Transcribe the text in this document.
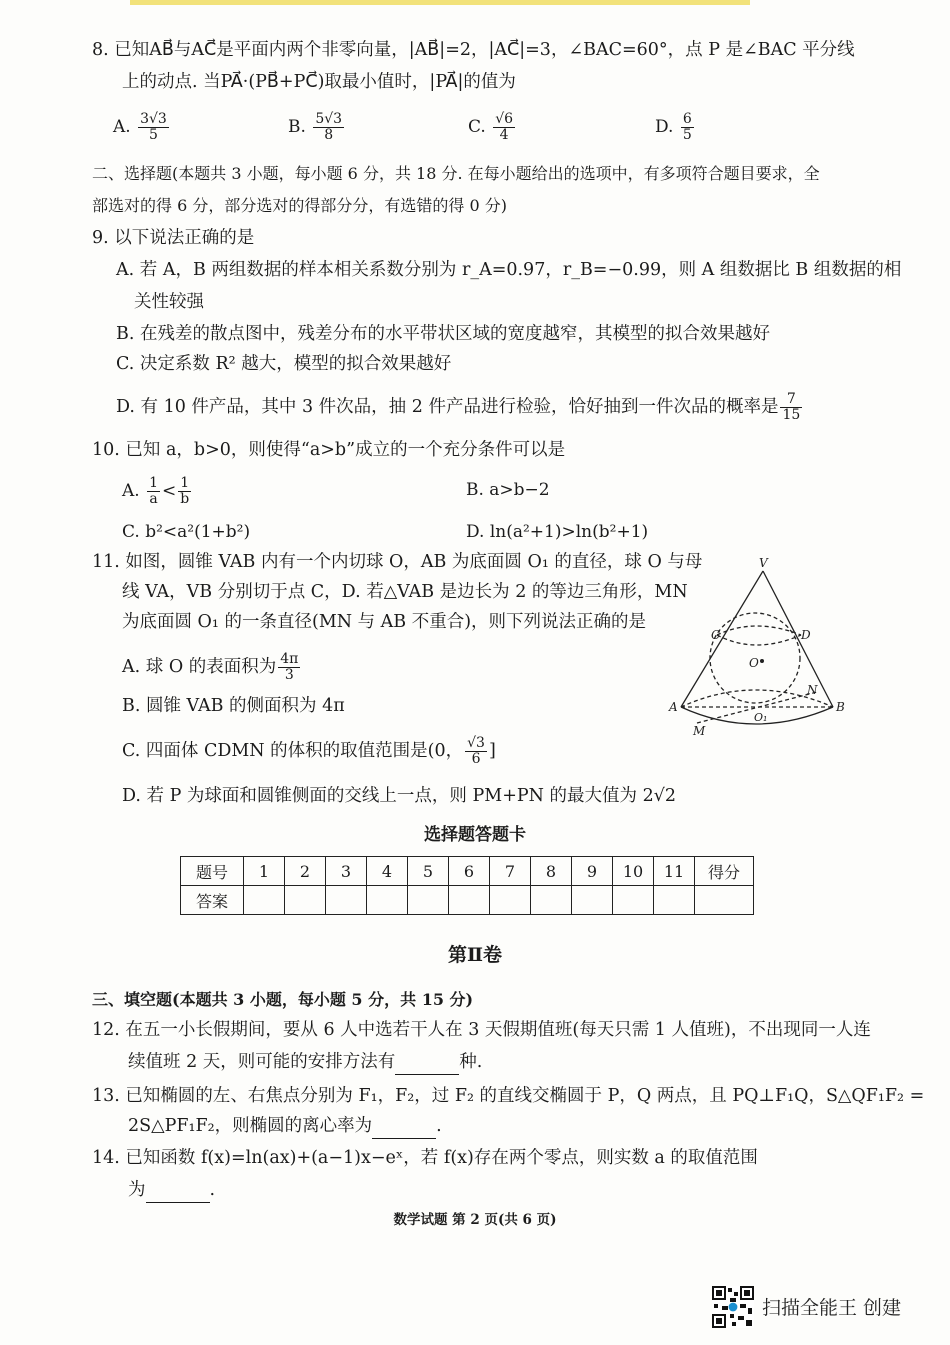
8. 已知AB⃗与AC⃗是平面内两个非零向量，|AB⃗|=2，|AC⃗|=3，∠BAC=60°，点 P 是∠BAC 平分线
上的动点. 当PA⃗·(PB⃗+PC⃗)取最小值时，|PA⃗|的值为
A. $\frac{3√3}{5}$	B. $\frac{5√3}{8}$	C. $\frac{√6}{4}$	D. $\frac{6}{5}$
二、选择题(本题共 3 小题，每小题 6 分，共 18 分. 在每小题给出的选项中，有多项符合题目要求，全
部选对的得 6 分，部分选对的得部分分，有选错的得 0 分)
9. 以下说法正确的是
A. 若 A，B 两组数据的样本相关系数分别为 r_A=0.97，r_B=−0.99，则 A 组数据比 B 组数据的相
关性较强
B. 在残差的散点图中，残差分布的水平带状区域的宽度越窄，其模型的拟合效果越好
C. 决定系数 R² 越大，模型的拟合效果越好
D. 有 10 件产品，其中 3 件次品，抽 2 件产品进行检验，恰好抽到一件次品的概率是 $\frac{7}{15}$
10. 已知 a，b>0，则使得“a>b”成立的一个充分条件可以是
A. $\frac{1}{a} < \frac{1}{b}$	B. a>b−2
C. b²<a²(1+b²)	D. ln(a²+1)>ln(b²+1)
11. 如图，圆锥 VAB 内有一个内切球 O，AB 为底面圆 O₁ 的直径，球 O 与母
线 VA，VB 分别切于点 C，D. 若△VAB 是边长为 2 的等边三角形，MN
为底面圆 O₁ 的一条直径(MN 与 AB 不重合)，则下列说法正确的是
A. 球 O 的表面积为 $\frac{4\pi}{3}$
B. 圆锥 VAB 的侧面积为 4π
C. 四面体 CDMN 的体积的取值范围是(0， $\frac{√3}{6}$ ]
D. 若 P 为球面和圆锥侧面的交线上一点，则 PM+PN 的最大值为 2√2
V
C	D
O
A	B
N
O₁
M
选择题答题卡
题号	1	2	3	4	5	6	7	8	9	10	11	得分
答案												
第Ⅱ卷
三、填空题(本题共 3 小题，每小题 5 分，共 15 分)
12. 在五一小长假期间，要从 6 人中选若干人在 3 天假期值班(每天只需 1 人值班)，不出现同一人连
续值班 2 天，则可能的安排方法有	种.
13. 已知椭圆的左、右焦点分别为 F₁，F₂，过 F₂ 的直线交椭圆于 P，Q 两点，且 PQ⊥F₁Q，S△QF₁F₂ =
2S△PF₁F₂，则椭圆的离心率为	.
14. 已知函数 f(x)=ln(ax)+(a−1)x−eˣ，若 f(x)存在两个零点，则实数 a 的取值范围
为	.
数学试题 第 2 页(共 6 页)
扫描全能王 创建
